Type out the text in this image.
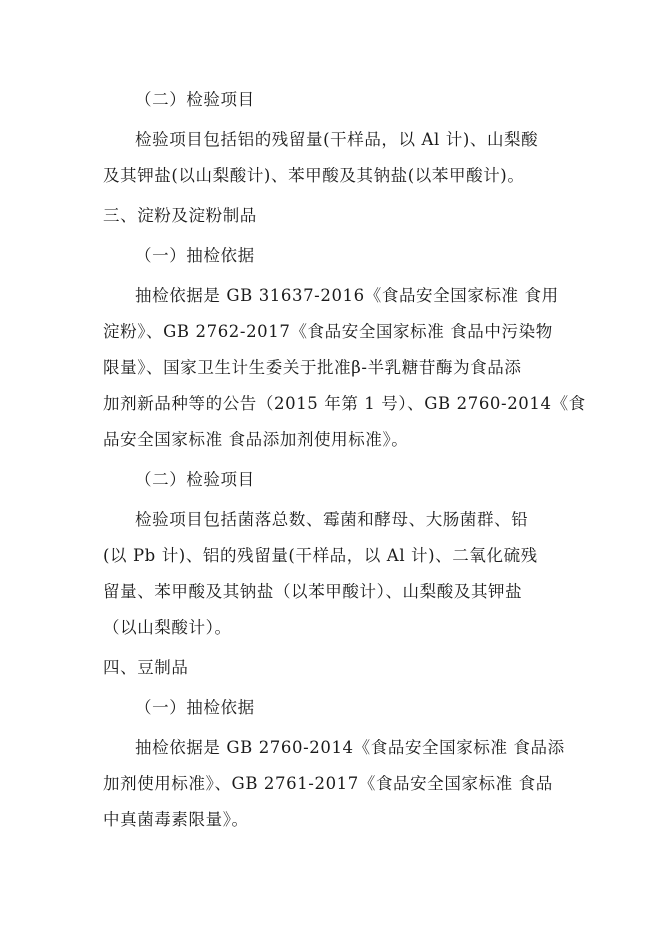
（二）检验项目
检验项目包括铝的残留量(干样品，以 Al 计)、山梨酸
及其钾盐(以山梨酸计)、苯甲酸及其钠盐(以苯甲酸计)。
三、淀粉及淀粉制品
（一）抽检依据
抽检依据是 GB 31637-2016《食品安全国家标准 食用
淀粉》、GB 2762-2017《食品安全国家标准 食品中污染物
限量》、国家卫生计生委关于批准β-半乳糖苷酶为食品添
加剂新品种等的公告（2015 年第 1 号）、GB 2760-2014《食
品安全国家标准 食品添加剂使用标准》。
（二）检验项目
检验项目包括菌落总数、霉菌和酵母、大肠菌群、铅
(以 Pb 计)、铝的残留量(干样品，以 Al 计)、二氧化硫残
留量、苯甲酸及其钠盐（以苯甲酸计）、山梨酸及其钾盐
（以山梨酸计）。
四、豆制品
（一）抽检依据
抽检依据是 GB 2760-2014《食品安全国家标准 食品添
加剂使用标准》、GB 2761-2017《食品安全国家标准 食品
中真菌毒素限量》。
